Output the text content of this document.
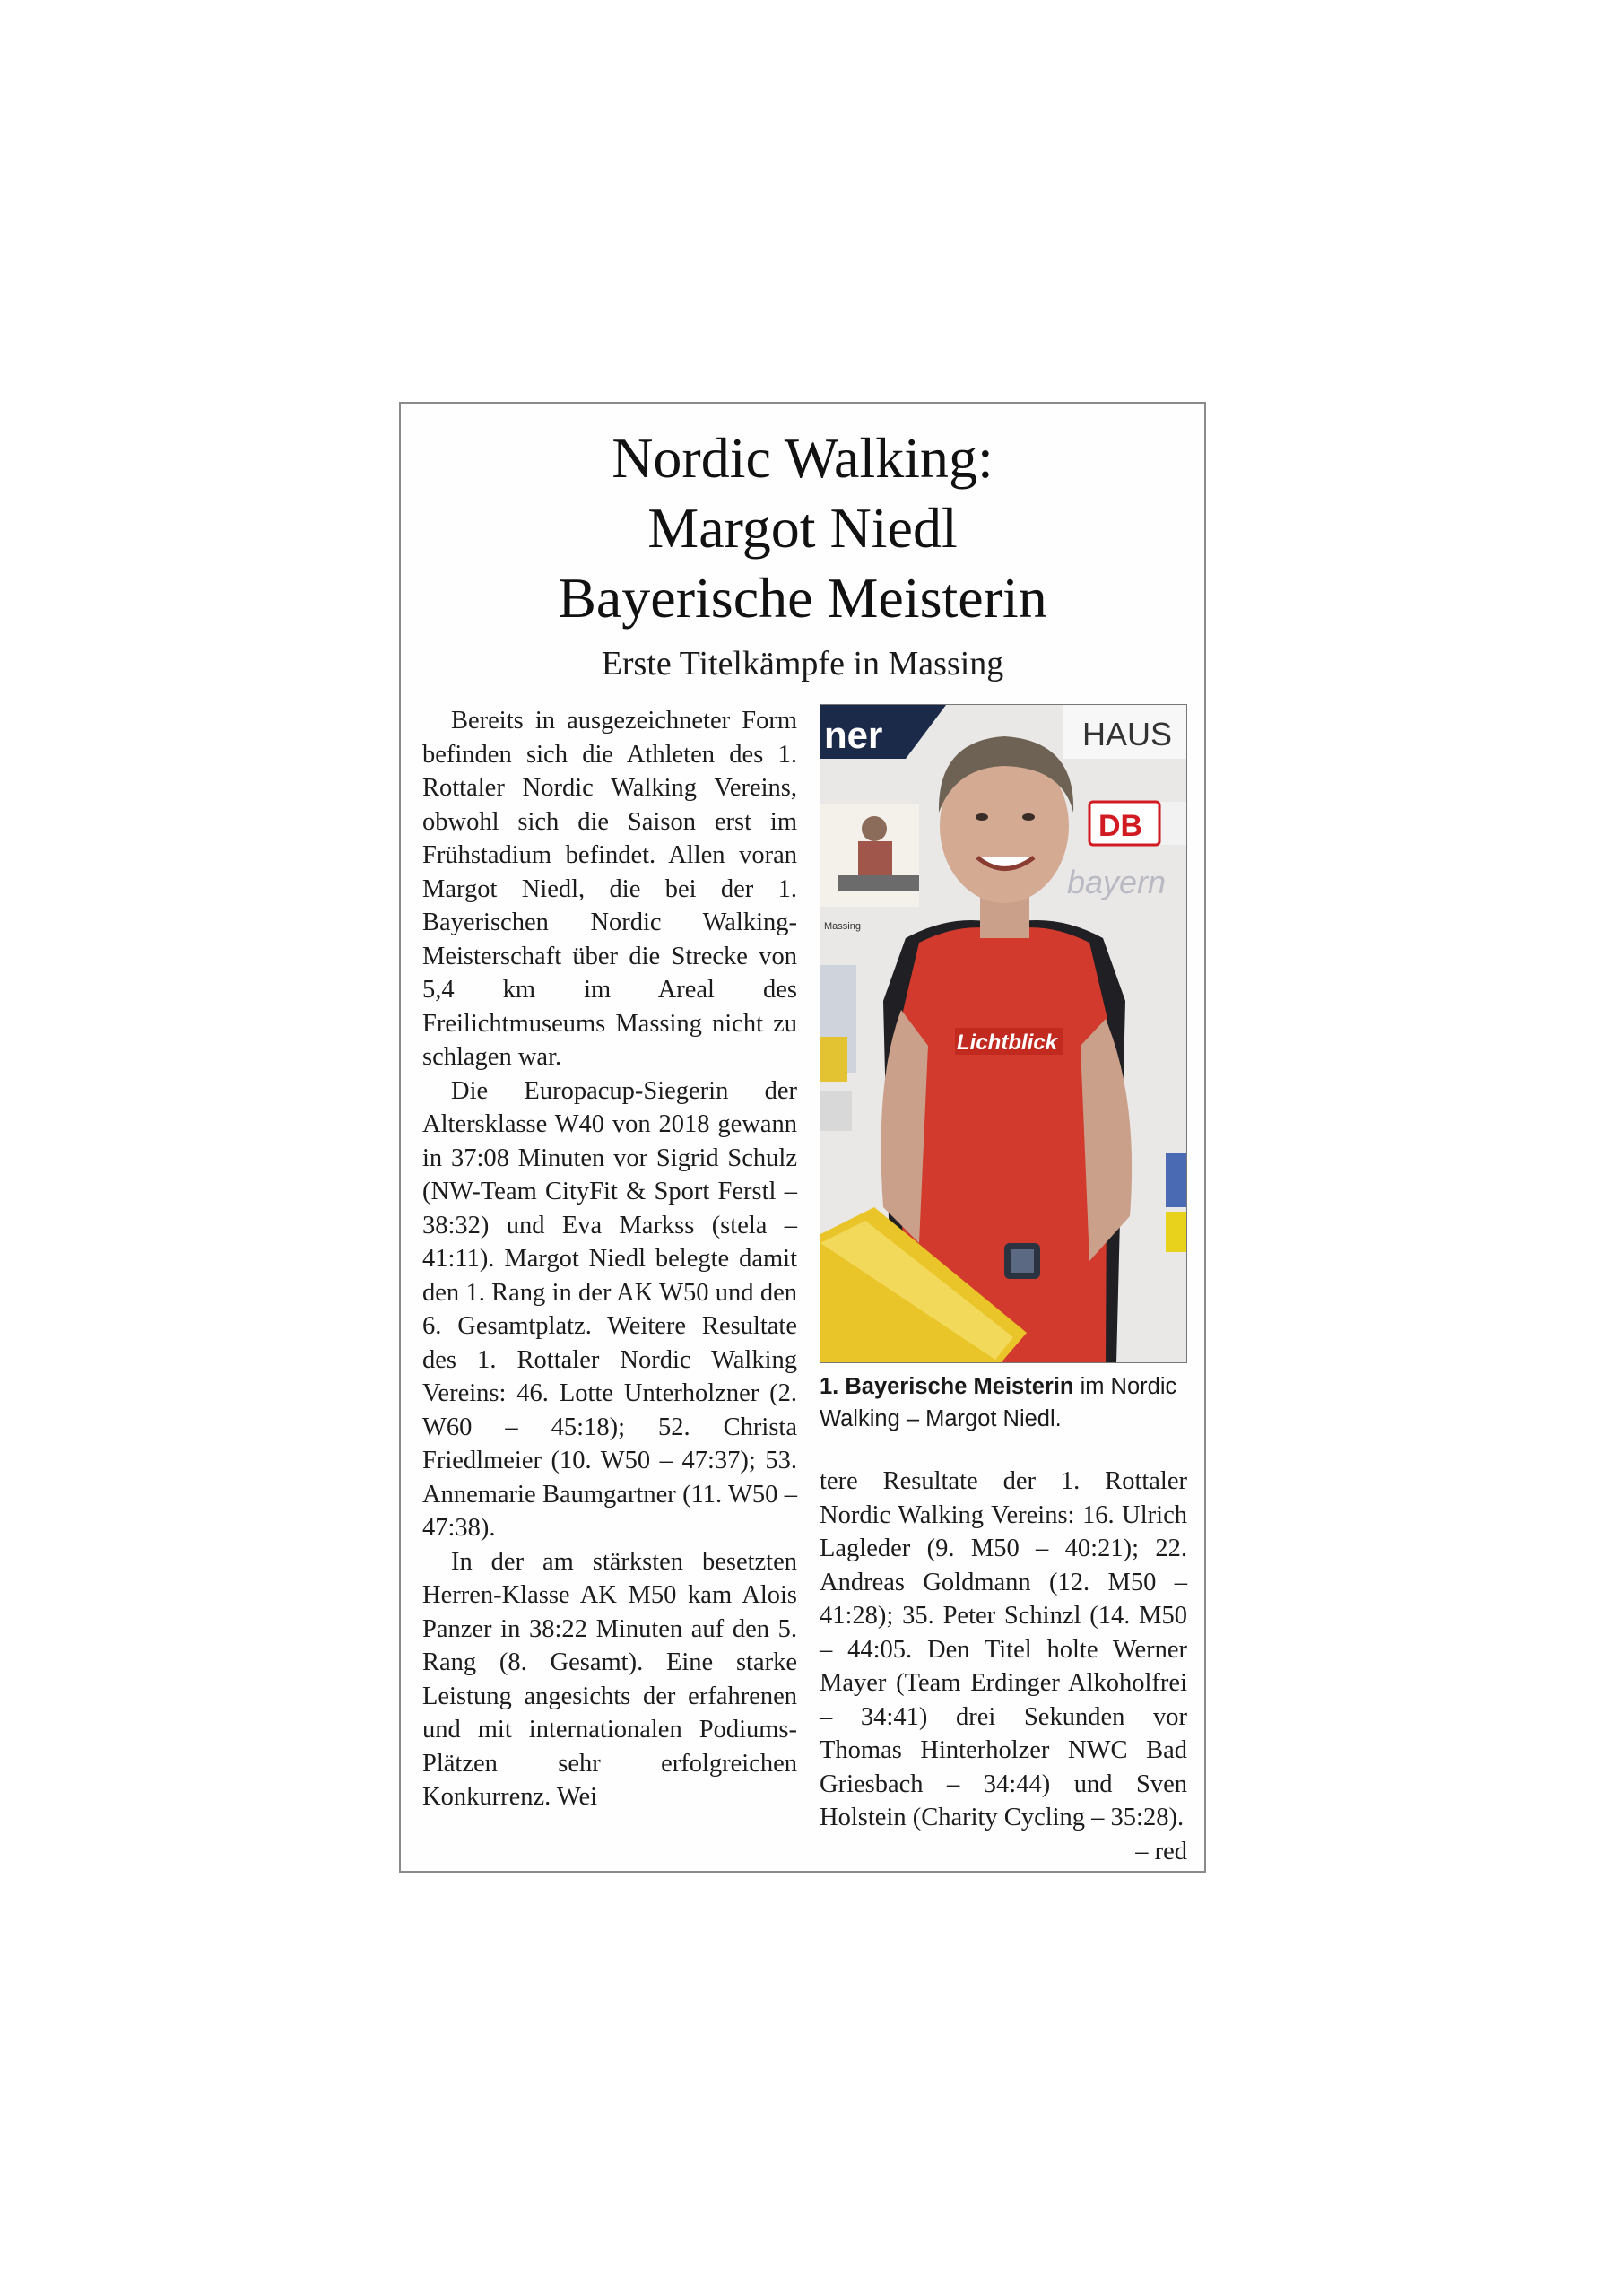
Nordic Walking:
Margot Niedl
Bayerische Meisterin
Erste Titelkämpfe in Massing

Bereits in ausgezeichneter Form befinden sich die Athleten des 1. Rottaler Nordic Walking Vereins, obwohl sich die Saison erst im Frühstadium befindet. Allen voran Margot Niedl, die bei der 1. Bayerischen Nordic Walking-Meisterschaft über die Strecke von 5,4 km im Areal des Freilichtmuseums Massing nicht zu schlagen war.

Die Europacup-Siegerin der Altersklasse W40 von 2018 gewann in 37:08 Minuten vor Sigrid Schulz (NW-Team CityFit & Sport Ferstl – 38:32) und Eva Markss (stela – 41:11). Margot Niedl belegte damit den 1. Rang in der AK W50 und den 6. Gesamtplatz. Weitere Resultate des 1. Rottaler Nordic Walking Vereins: 46. Lotte Unterholzner (2. W60 – 45:18); 52. Christa Friedlmeier (10. W50 – 47:37); 53. Annemarie Baumgartner (11. W50 – 47:38).

In der am stärksten besetzten Herren-Klasse AK M50 kam Alois Panzer in 38:22 Minuten auf den 5. Rang (8. Gesamt). Eine starke Leistung angesichts der erfahrenen und mit internationalen Podiums-Plätzen sehr erfolgreichen Konkurrenz. Wei

ner	HAUS
DB
bayern
Massing
Lichtblick
1. Bayerische Meisterin im Nordic Walking – Margot Niedl.

tere Resultate der 1. Rottaler Nordic Walking Vereins: 16. Ulrich Lagleder (9. M50 – 40:21); 22. Andreas Goldmann (12. M50 – 41:28); 35. Peter Schinzl (14. M50 – 44:05. Den Titel holte Werner Mayer (Team Erdinger Alkoholfrei – 34:41) drei Sekunden vor Thomas Hinterholzer NWC Bad Griesbach – 34:44) und Sven Holstein (Charity Cycling – 35:28).
– red
